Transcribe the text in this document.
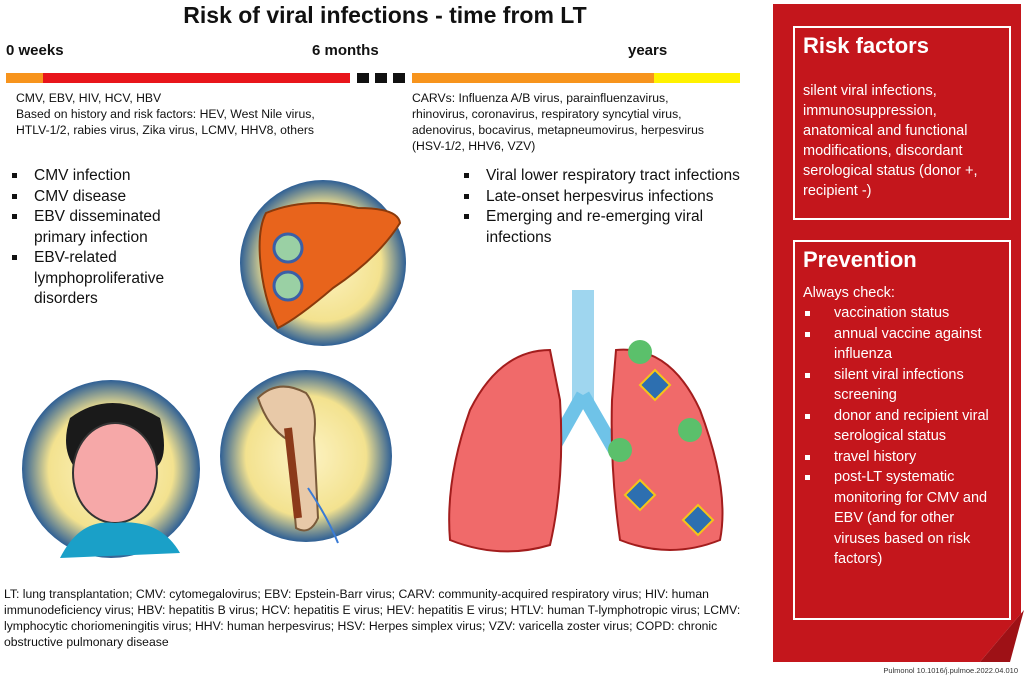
Risk of viral infections - time from LT
0 weeks	6 months	years
CMV, EBV, HIV, HCV, HBV
Based on history and risk factors: HEV, West Nile virus, HTLV-1/2, rabies virus, Zika virus, LCMV, HHV8, others
CMV infection
CMV disease
EBV disseminated primary infection
EBV-related lymphoproliferative disorders
CARVs: Influenza A/B virus, parainfluenzavirus, rhinovirus, coronavirus, respiratory syncytial virus, adenovirus, bocavirus, metapneumovirus, herpesvirus (HSV-1/2, HHV6, VZV)
Viral lower respiratory tract infections
Late-onset herpesvirus infections
Emerging and re-emerging viral infections
Risk factors
silent viral infections, immunosuppression, anatomical and functional modifications, discordant serological status (donor +, recipient -)
Prevention
Always check:
vaccination status
annual vaccine against influenza
silent viral infections screening
donor and recipient viral serological status
travel history
post-LT systematic monitoring for CMV and EBV (and for other viruses based on risk factors)
LT: lung transplantation; CMV: cytomegalovirus; EBV: Epstein-Barr virus; CARV: community-acquired respiratory virus; HIV: human immunodeficiency virus; HBV: hepatitis B virus; HCV: hepatitis E virus; HEV: hepatitis E virus; HTLV: human T-lymphotropic virus; LCMV: lymphocytic choriomeningitis virus; HHV: human herpesvirus; HSV: Herpes simplex virus; VZV: varicella zoster virus; COPD: chronic obstructive pulmonary disease
Pulmonol 10.1016/j.pulmoe.2022.04.010
